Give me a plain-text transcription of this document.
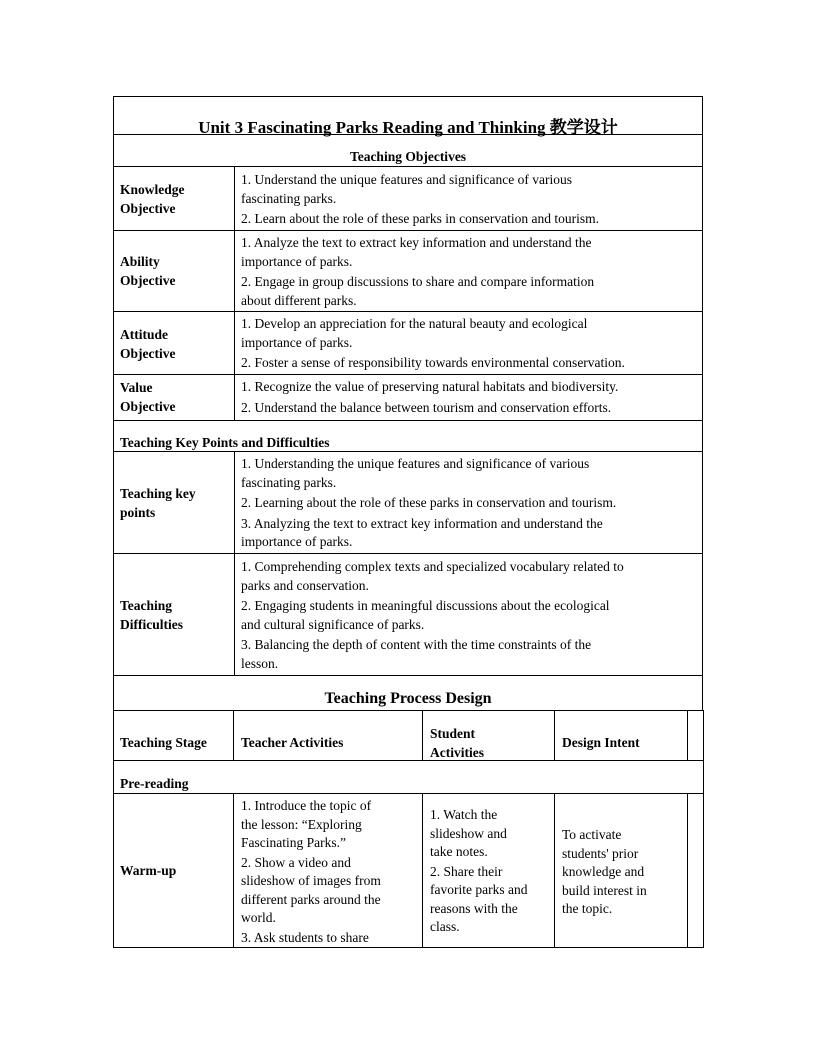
Unit 3 Fascinating Parks Reading and Thinking 教学设计
Teaching Objectives
Knowledge
Objective
1. Understand the unique features and significance of various
fascinating parks.
2. Learn about the role of these parks in conservation and tourism.
Ability
Objective
1. Analyze the text to extract key information and understand the
importance of parks.
2. Engage in group discussions to share and compare information
about different parks.
Attitude
Objective
1. Develop an appreciation for the natural beauty and ecological
importance of parks.
2. Foster a sense of responsibility towards environmental conservation.
Value
Objective
1. Recognize the value of preserving natural habitats and biodiversity.
2. Understand the balance between tourism and conservation efforts.
Teaching Key Points and Difficulties
Teaching key
points
1. Understanding the unique features and significance of various
fascinating parks.
2. Learning about the role of these parks in conservation and tourism.
3. Analyzing the text to extract key information and understand the
importance of parks.
Teaching
Difficulties
1. Comprehending complex texts and specialized vocabulary related to
parks and conservation.
2. Engaging students in meaningful discussions about the ecological
and cultural significance of parks.
3. Balancing the depth of content with the time constraints of the
lesson.
Teaching Process Design
Teaching Stage	Teacher Activities
Student
Activities
Design Intent
Pre-reading
Warm-up
1. Introduce the topic of
the lesson: “Exploring
Fascinating Parks.”
2. Show a video and
slideshow of images from
different parks around the
world.
3. Ask students to share
1. Watch the
slideshow and
take notes.
2. Share their
favorite parks and
reasons with the
class.
To activate
students' prior
knowledge and
build interest in
the topic.
